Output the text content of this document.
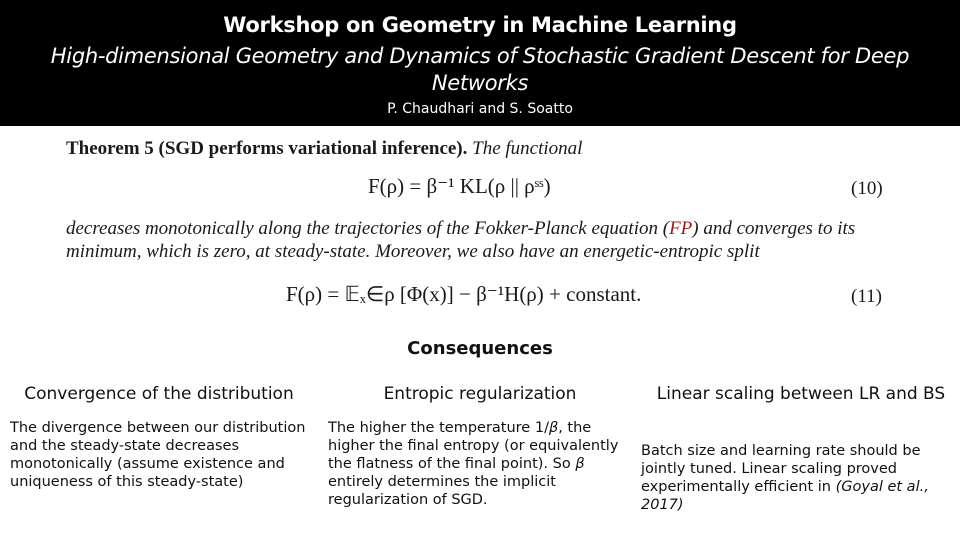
Workshop on Geometry in Machine Learning
High-dimensional Geometry and Dynamics of Stochastic Gradient Descent for Deep Networks
P. Chaudhari and S. Soatto
Theorem 5 (SGD performs variational inference). The functional
F(ρ) = β⁻¹ KL(ρ || ρˢˢ)	(10)
decreases monotonically along the trajectories of the Fokker-Planck equation (FP) and converges to its minimum, which is zero, at steady-state. Moreover, we also have an energetic-entropic split
F(ρ) = 𝔼ₓ∈ρ [Φ(x)] − β⁻¹H(ρ) + constant.	(11)
Consequences
Convergence of the distribution
The divergence between our distribution and the steady-state decreases monotonically (assume existence and uniqueness of this steady-state)
Entropic regularization
The higher the temperature 1/β, the higher the final entropy (or equivalently the flatness of the final point). So β entirely determines the implicit regularization of SGD.
Linear scaling between LR and BS
Batch size and learning rate should be jointly tuned. Linear scaling proved experimentally efficient in (Goyal et al., 2017)
